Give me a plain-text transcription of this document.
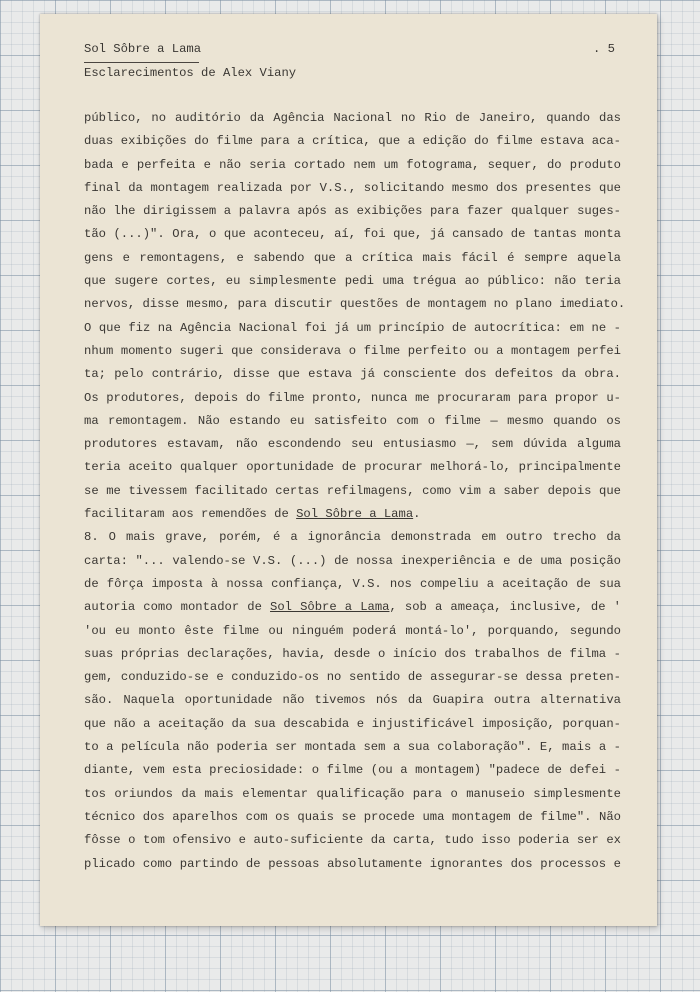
Sol Sôbre a Lama	. 5
Esclarecimentos de Alex Viany
público, no auditório da Agência Nacional no Rio de Janeiro, quando das
duas exibições do filme para a crítica, que a edição do filme estava aca-
bada e perfeita e não seria cortado nem um fotograma, sequer, do produto
final da montagem realizada por V.S., solicitando mesmo dos presentes que
não lhe dirigissem a palavra após as exibições para fazer qualquer suges-
tão (...)". Ora, o que aconteceu, aí, foi que, já cansado de tantas monta
gens e remontagens, e sabendo que a crítica mais fácil é sempre aquela
que sugere cortes, eu simplesmente pedi uma trégua ao público: não teria
nervos, disse mesmo, para discutir questões de montagem no plano imediato.
O que fiz na Agência Nacional foi já um princípio de autocrítica: em ne -
nhum momento sugeri que considerava o filme perfeito ou a montagem perfei
ta; pelo contrário, disse que estava já consciente dos defeitos da obra.
Os produtores, depois do filme pronto, nunca me procuraram para propor u-
ma remontagem. Não estando eu satisfeito com o filme — mesmo quando os
produtores estavam, não escondendo seu entusiasmo —, sem dúvida alguma
teria aceito qualquer oportunidade de procurar melhorá-lo, principalmente
se me tivessem facilitado certas refilmagens, como vim a saber depois que
facilitaram aos remendões de Sol Sôbre a Lama.
8. O mais grave, porém, é a ignorância demonstrada em outro trecho da
carta: "... valendo-se V.S. (...) de nossa inexperiência e de uma posição
de fôrça imposta à nossa confiança, V.S. nos compeliu a aceitação de sua
autoria como montador de Sol Sôbre a Lama, sob a ameaça, inclusive, de '
'ou eu monto êste filme ou ninguém poderá montá-lo', porquando, segundo
suas próprias declarações, havia, desde o início dos trabalhos de filma -
gem, conduzido-se e conduzido-os no sentido de assegurar-se dessa preten-
são. Naquela oportunidade não tivemos nós da Guapira outra alternativa
que não a aceitação da sua descabida e injustificável imposição, porquan-
to a película não poderia ser montada sem a sua colaboração". E, mais a -
diante, vem esta preciosidade: o filme (ou a montagem) "padece de defei -
tos oriundos da mais elementar qualificação para o manuseio simplesmente
técnico dos aparelhos com os quais se procede uma montagem de filme". Não
fôsse o tom ofensivo e auto-suficiente da carta, tudo isso poderia ser ex
plicado como partindo de pessoas absolutamente ignorantes dos processos e
